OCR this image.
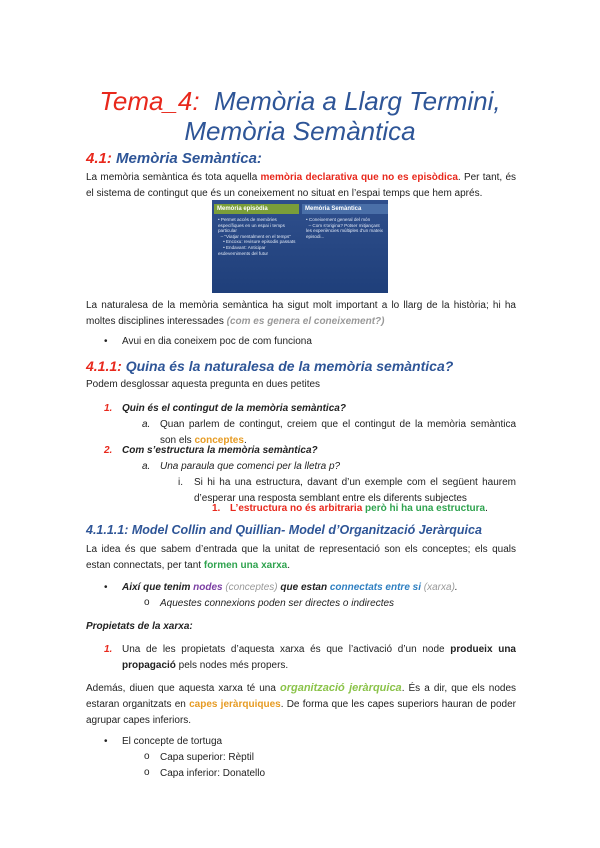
Tema_4: Memòria a Llarg Termini,
Memòria Semàntica
4.1: Memòria Semàntica:
La memòria semàntica és tota aquella memòria declarativa que no es episòdica. Per tant, és el sistema de contingut que és un coneixement no situat en l’espai temps que hem aprés.
Memòria episòdia	Memòria Semàntica
• Permet accés de memòries específiques en un espai i temps particular
– "Viatjar mentalment en el temps"
• Encoxu: revisure episodis passats
• Endavant: Anticipar esdevemiments del futur
• Coneixement general del món
– Com s'origina? Potser mitjançant les experiències múltiples d'un mateix episodi...
La naturalesa de la memòria semàntica ha sigut molt important a lo llarg de la història; hi ha moltes disciplines interessades (com es genera el coneixement?)
• Avui en dia coneixem poc de com funciona
4.1.1: Quina és la naturalesa de la memòria semàntica?
Podem desglossar aquesta pregunta en dues petites
1. Quin és el contingut de la memòria semàntica?
a. Quan parlem de contingut, creiem que el contingut de la memòria semàntica son els conceptes.
2. Com s’estructura la memòria semàntica?
a. Una paraula que comenci per la lletra p?
i. Si hi ha una estructura, davant d’un exemple com el següent haurem d’esperar una resposta semblant entre els diferents subjectes
1. L’estructura no és arbitraria però hi ha una estructura.
4.1.1.1: Model Collin and Quillian- Model d’Organització Jeràrquica
La idea és que sabem d’entrada que la unitat de representació son els conceptes; els quals estan connectats, per tant formen una xarxa.
• Així que tenim nodes (conceptes) que estan connectats entre si (xarxa).
o Aquestes connexions poden ser directes o indirectes
Propietats de la xarxa:
1. Una de les propietats d’aquesta xarxa és que l’activació d’un node produeix una propagació pels nodes més propers.
Además, diuen que aquesta xarxa té una organització jeràrquica. És a dir, que els nodes estaran organitzats en capes jeràrquiques. De forma que les capes superiors hauran de poder agrupar capes inferiors.
• El concepte de tortuga
o Capa superior: Rèptil
o Capa inferior: Donatello
